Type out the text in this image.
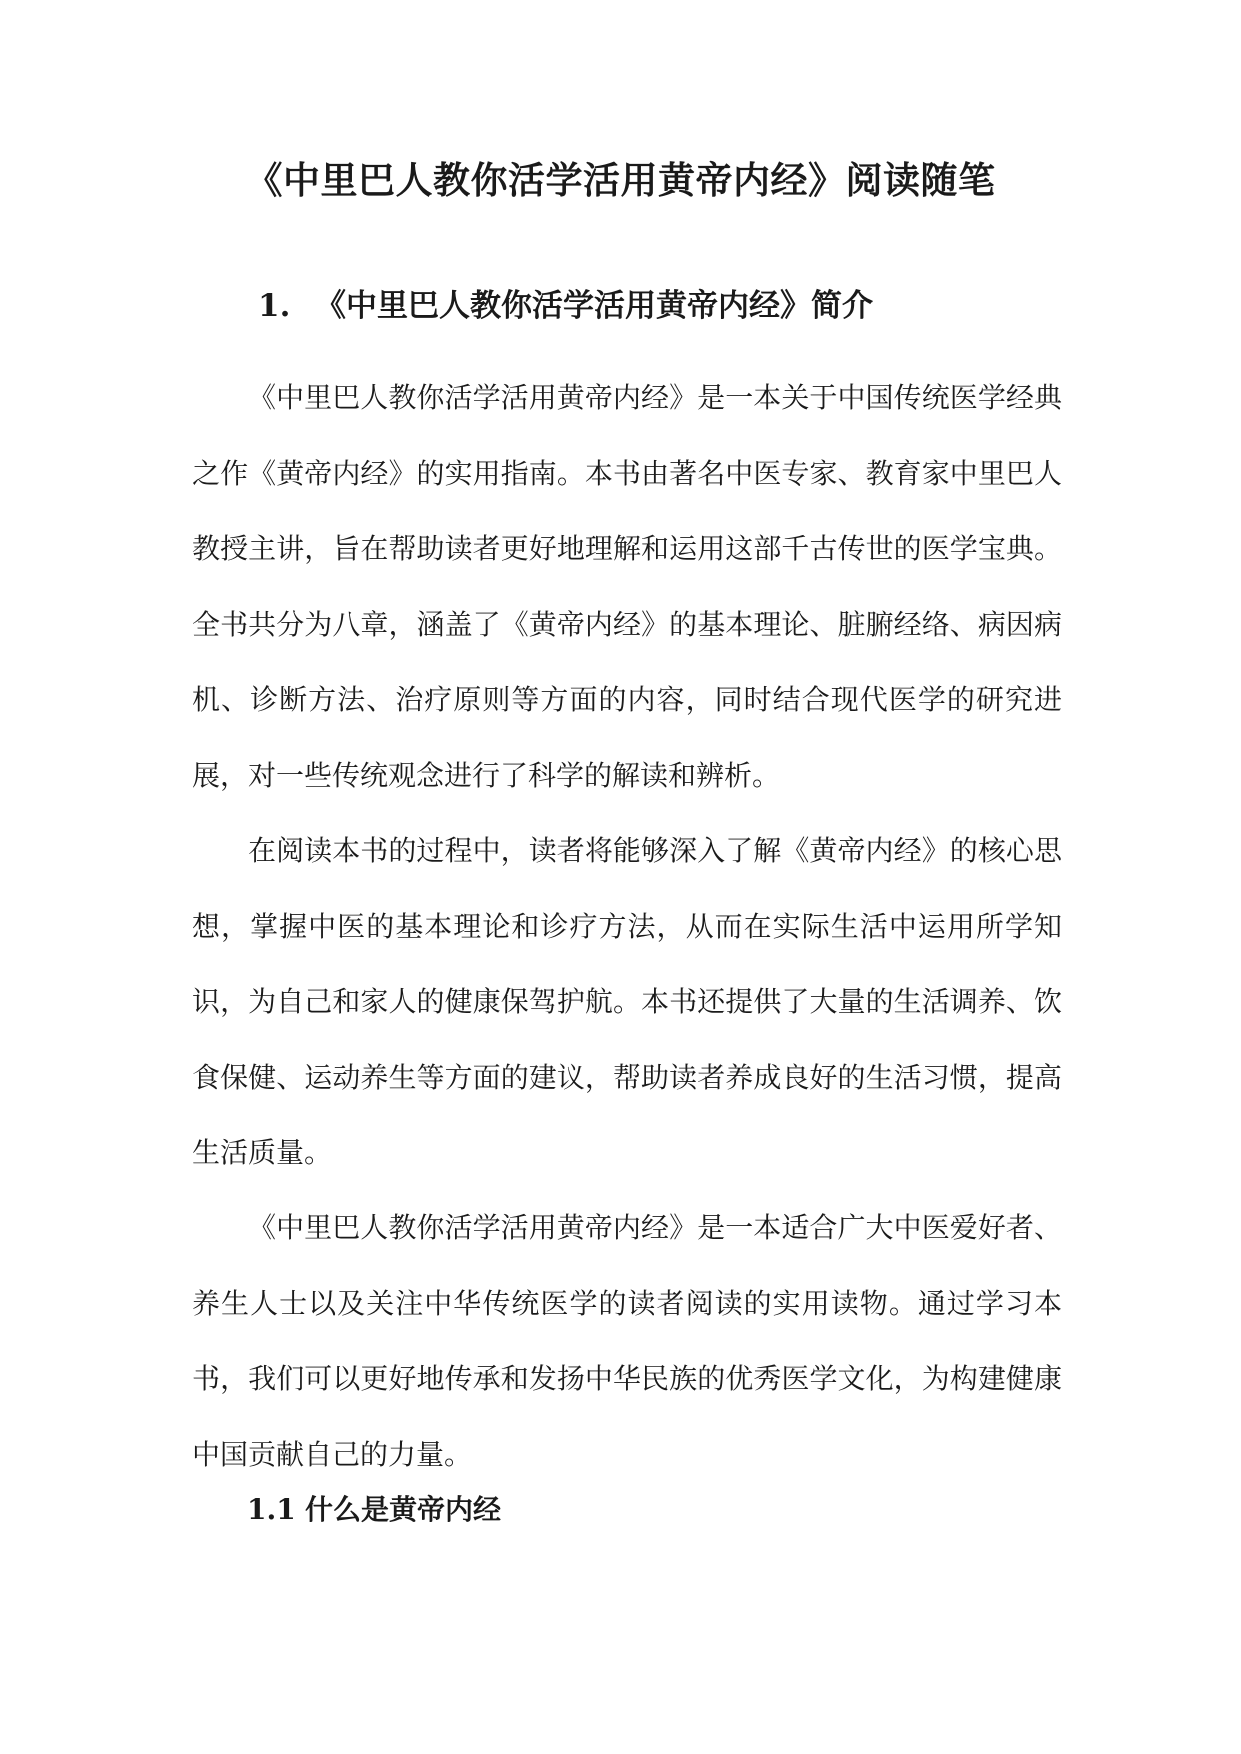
《中里巴人教你活学活用黄帝内经》阅读随笔
1. 《中里巴人教你活学活用黄帝内经》简介

《中里巴人教你活学活用黄帝内经》是一本关于中国传统医学经典之作《黄帝内经》的实用指南。本书由著名中医专家、教育家中里巴人教授主讲，旨在帮助读者更好地理解和运用这部千古传世的医学宝典。全书共分为八章，涵盖了《黄帝内经》的基本理论、脏腑经络、病因病机、诊断方法、治疗原则等方面的内容，同时结合现代医学的研究进展，对一些传统观念进行了科学的解读和辨析。

在阅读本书的过程中，读者将能够深入了解《黄帝内经》的核心思想，掌握中医的基本理论和诊疗方法，从而在实际生活中运用所学知识，为自己和家人的健康保驾护航。本书还提供了大量的生活调养、饮食保健、运动养生等方面的建议，帮助读者养成良好的生活习惯，提高生活质量。

《中里巴人教你活学活用黄帝内经》是一本适合广大中医爱好者、养生人士以及关注中华传统医学的读者阅读的实用读物。通过学习本书，我们可以更好地传承和发扬中华民族的优秀医学文化，为构建健康中国贡献自己的力量。

1.1 什么是黄帝内经
